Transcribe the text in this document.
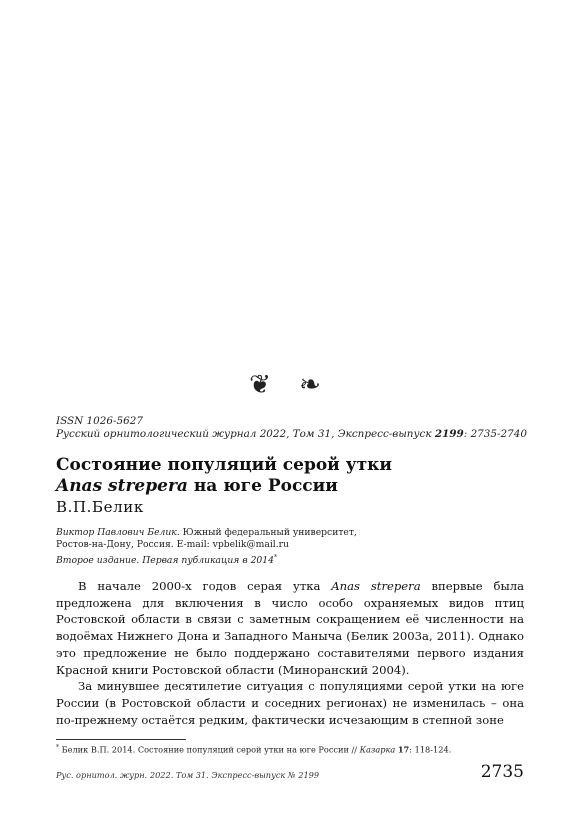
❦ ❧
ISSN 1026-5627
Русский орнитологический журнал 2022, Том 31, Экспресс-выпуск 2199: 2735-2740
Состояние популяций серой утки
Anas strepera на юге России
В.П.Белик
Виктор Павлович Белик. Южный федеральный университет,
Ростов-на-Дону, Россия. E-mail: vpbelik@mail.ru
Второе издание. Первая публикация в 2014*

В начале 2000-х годов серая утка Anas strepera впервые была предложена для включения в число особо охраняемых видов птиц Ростовской области в связи с заметным сокращением её численности на водоёмах Нижнего Дона и Западного Маныча (Белик 2003а, 2011). Однако это предложение не было поддержано составителями первого издания Красной книги Ростовской области (Миноранский 2004).

За минувшее десятилетие ситуация с популяциями серой утки на юге России (в Ростовской области и соседних регионах) не изменилась – она по-прежнему остаётся редким, фактически исчезающим в степной зоне

* Белик В.П. 2014. Состояние популяций серой утки на юге России // Казарка 17: 118-124.
Рус. орнитол. журн. 2022. Том 31. Экспресс-выпуск № 2199	2735
